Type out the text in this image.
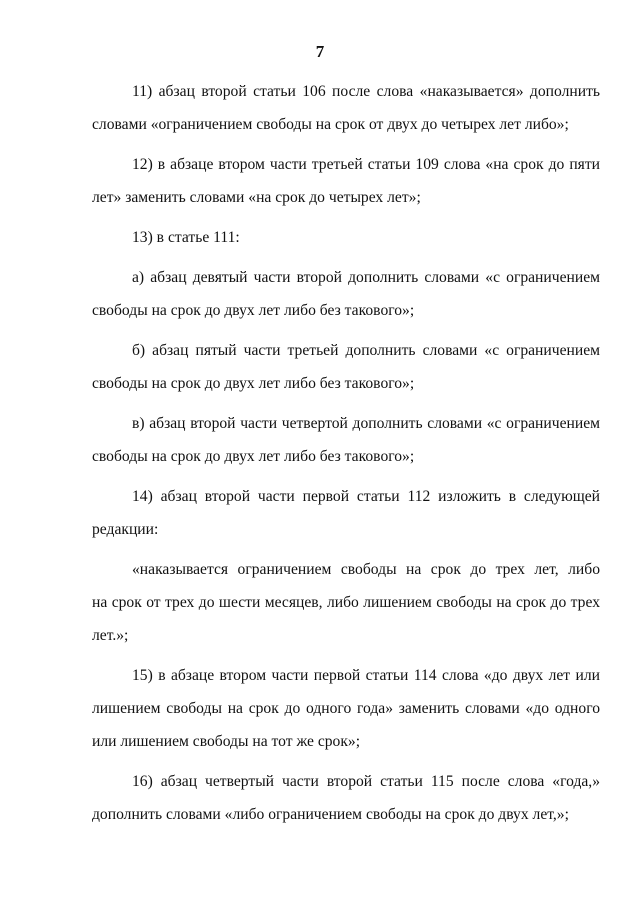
7
11) абзац второй статьи 106 после слова «наказывается» дополнить
словами «ограничением свободы на срок от двух до четырех лет либо»;
12) в абзаце втором части третьей статьи 109 слова «на срок до пяти
лет» заменить словами «на срок до четырех лет»;
13) в статье 111:
а) абзац девятый части второй дополнить словами «с ограничением
свободы на срок до двух лет либо без такового»;
б) абзац пятый части третьей дополнить словами «с ограничением
свободы на срок до двух лет либо без такового»;
в) абзац второй части четвертой дополнить словами «с ограничением
свободы на срок до двух лет либо без такового»;
14) абзац второй части первой статьи 112 изложить в следующей
редакции:
«наказывается ограничением свободы на срок до трех лет, либо
на срок от трех до шести месяцев, либо лишением свободы на срок до трех
лет.»;
15) в абзаце втором части первой статьи 114 слова «до двух лет или
лишением свободы на срок до одного года» заменить словами «до одного
или лишением свободы на тот же срок»;
16) абзац четвертый части второй статьи 115 после слова «года,»
дополнить словами «либо ограничением свободы на срок до двух лет,»;
